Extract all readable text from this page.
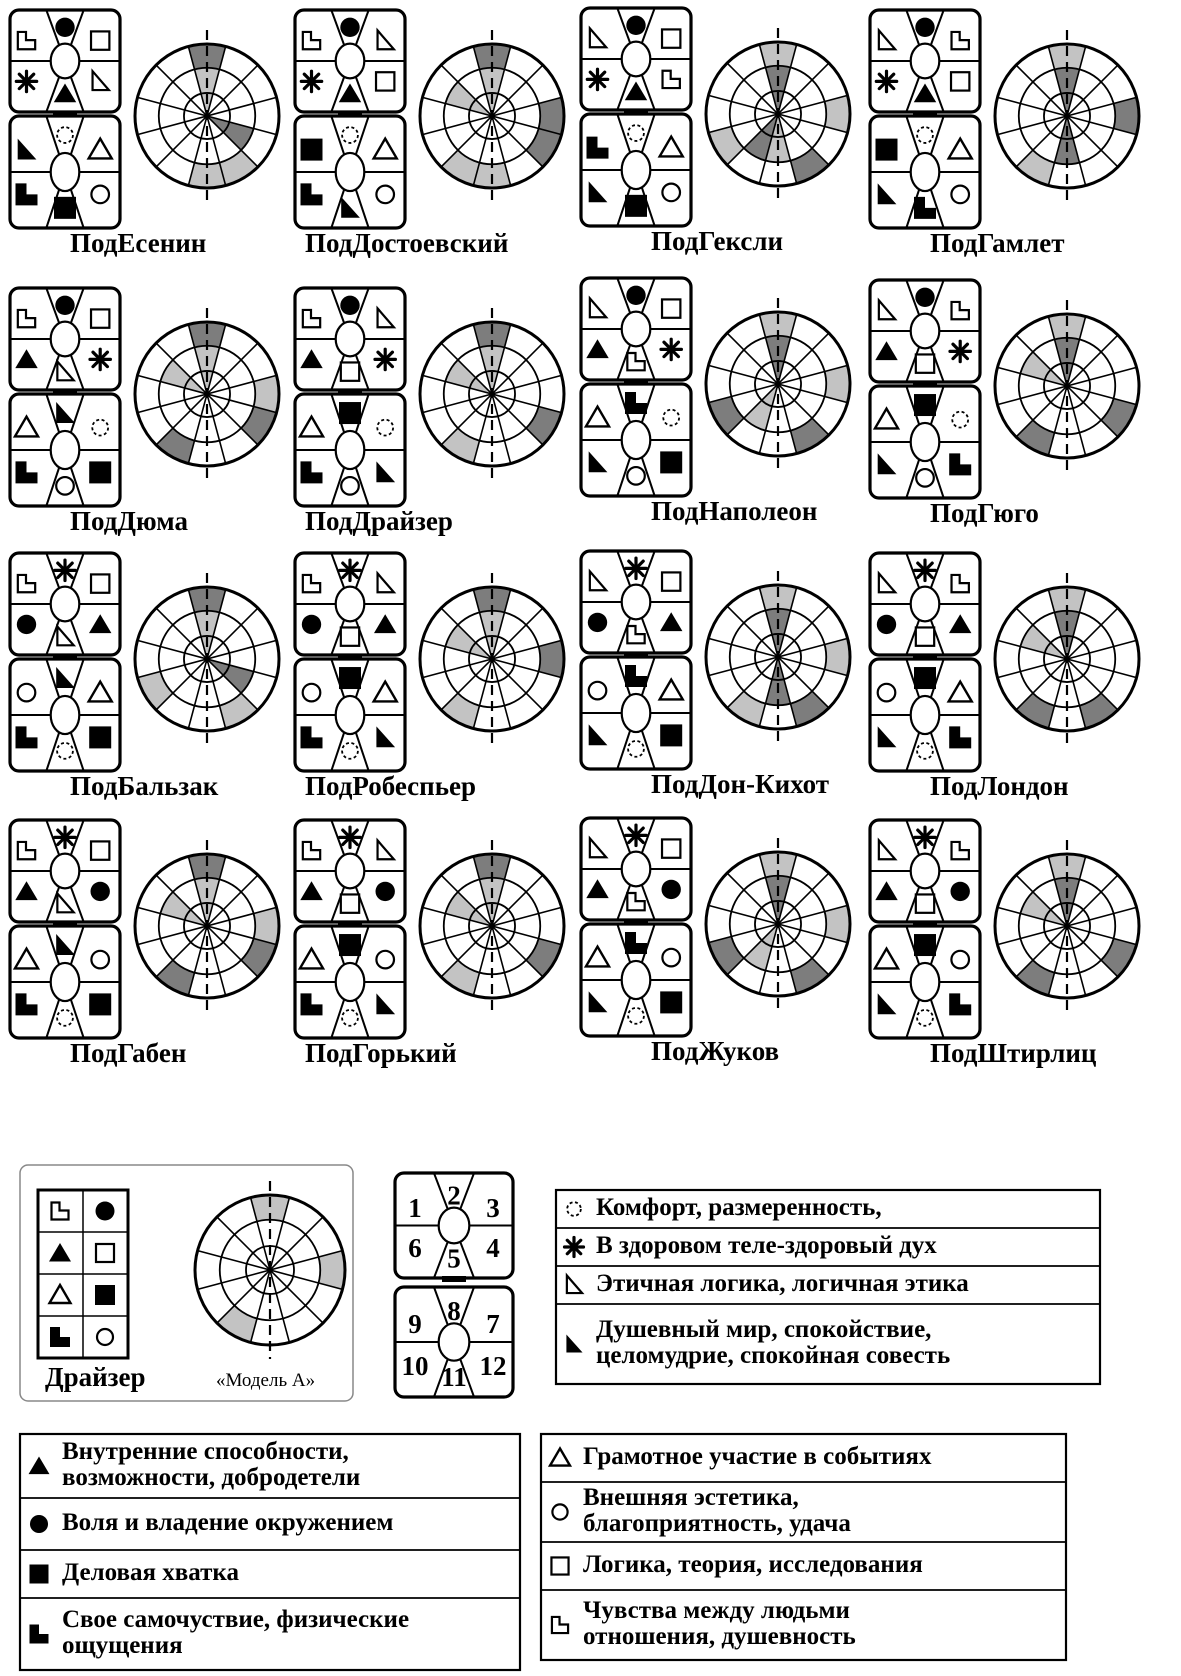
1 2 3
6 5 4
9 8 7
10 11 12
ПодЕсенин	ПодДостоевский	ПодГексли	ПодГамлет
ПодДюма	ПодДрайзер	ПодНаполеон	ПодГюго
ПодБальзак	ПодРобеспьер	ПодДон-Кихот	ПодЛондон
ПодГабен	ПодГорький	ПодЖуков	ПодШтирлиц
Драйзер	«Модель А»
Комфорт, размеренность,
В здоровом теле-здоровый дух
Этичная логика, логичная этика
Душевный мир, спокойствие,
целомудрие, спокойная совесть
Внутренние способности,
возможности, добродетели
Воля и владение окружением
Деловая хватка
Свое самочуствие, физические
ощущения
Грамотное участие в событиях
Внешняя эстетика,
благоприятность, удача
Логика, теория, исследования
Чувства между людьми
отношения, душевность
